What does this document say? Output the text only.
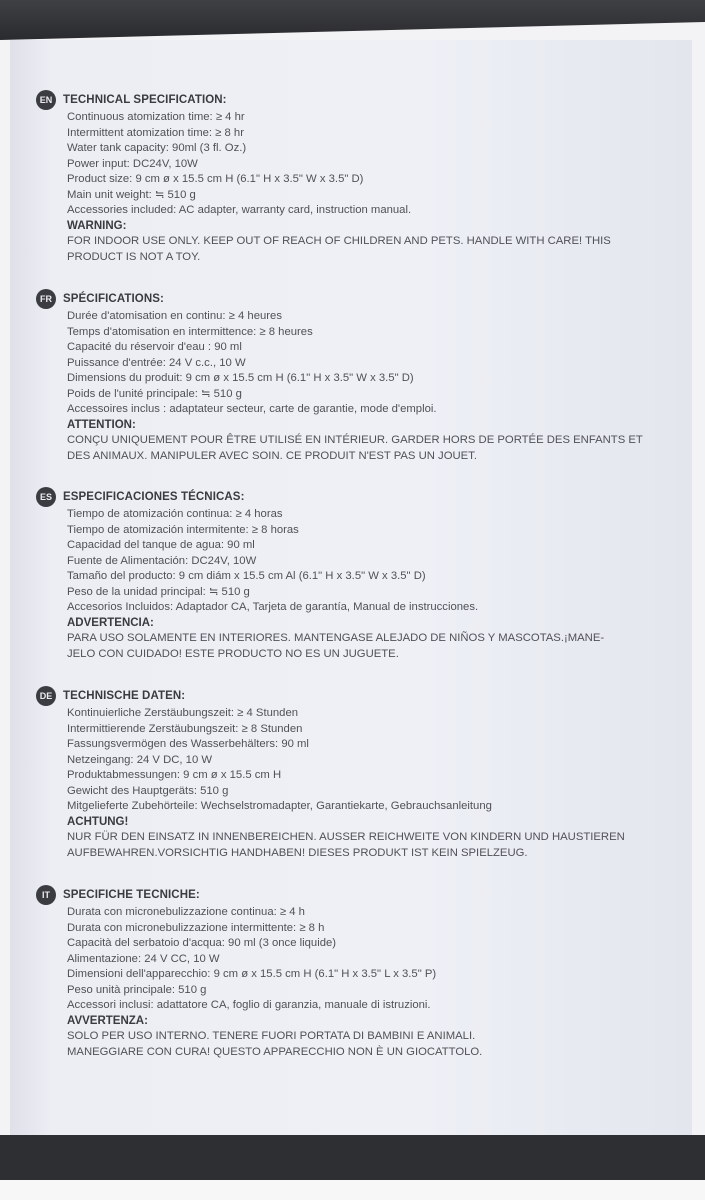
EN TECHNICAL SPECIFICATION:
Continuous atomization time: ≥ 4 hr
Intermittent atomization time: ≥ 8 hr
Water tank capacity: 90ml (3 fl. Oz.)
Power input: DC24V, 10W
Product size: 9 cm ø x 15.5 cm H (6.1" H x 3.5" W x 3.5" D)
Main unit weight: ≒ 510 g
Accessories included: AC adapter, warranty card, instruction manual.
WARNING:
FOR INDOOR USE ONLY. KEEP OUT OF REACH OF CHILDREN AND PETS. HANDLE WITH CARE! THIS
PRODUCT IS NOT A TOY.
FR SPÉCIFICATIONS:
Durée d'atomisation en continu: ≥ 4 heures
Temps d'atomisation en intermittence: ≥ 8 heures
Capacité du réservoir d'eau : 90 ml
Puissance d'entrée: 24 V c.c., 10 W
Dimensions du produit: 9 cm ø x 15.5 cm H (6.1" H x 3.5" W x 3.5" D)
Poids de l'unité principale: ≒ 510 g
Accessoires inclus : adaptateur secteur, carte de garantie, mode d'emploi.
ATTENTION:
CONÇU UNIQUEMENT POUR ÊTRE UTILISÉ EN INTÉRIEUR. GARDER HORS DE PORTÉE DES ENFANTS ET
DES ANIMAUX. MANIPULER AVEC SOIN. CE PRODUIT N'EST PAS UN JOUET.
ES ESPECIFICACIONES TÉCNICAS:
Tiempo de atomización continua: ≥ 4 horas
Tiempo de atomización intermitente: ≥ 8 horas
Capacidad del tanque de agua: 90 ml
Fuente de Alimentación: DC24V, 10W
Tamaño del producto: 9 cm diám x 15.5 cm Al (6.1" H x 3.5" W x 3.5" D)
Peso de la unidad principal: ≒ 510 g
Accesorios Incluidos: Adaptador CA, Tarjeta de garantía, Manual de instrucciones.
ADVERTENCIA:
PARA USO SOLAMENTE EN INTERIORES. MANTENGASE ALEJADO DE NIÑOS Y MASCOTAS.¡MANE-
JELO CON CUIDADO! ESTE PRODUCTO NO ES UN JUGUETE.
DE TECHNISCHE DATEN:
Kontinuierliche Zerstäubungszeit: ≥ 4 Stunden
Intermittierende Zerstäubungszeit: ≥ 8 Stunden
Fassungsvermögen des Wasserbehälters: 90 ml
Netzeingang: 24 V DC, 10 W
Produktabmessungen: 9 cm ø x 15.5 cm H
Gewicht des Hauptgeräts: 510 g
Mitgelieferte Zubehörteile: Wechselstromadapter, Garantiekarte, Gebrauchsanleitung
ACHTUNG!
NUR FÜR DEN EINSATZ IN INNENBEREICHEN. AUSSER REICHWEITE VON KINDERN UND HAUSTIEREN
AUFBEWAHREN.VORSICHTIG HANDHABEN! DIESES PRODUKT IST KEIN SPIELZEUG.
IT	SPECIFICHE TECNICHE:
Durata con micronebulizzazione continua: ≥ 4 h
Durata con micronebulizzazione intermittente: ≥ 8 h
Capacità del serbatoio d'acqua: 90 ml (3 once liquide)
Alimentazione: 24 V CC, 10 W
Dimensioni dell'apparecchio: 9 cm ø x 15.5 cm H (6.1" H x 3.5" L x 3.5" P)
Peso unità principale: 510 g
Accessori inclusi: adattatore CA, foglio di garanzia, manuale di istruzioni.
AVVERTENZA:
SOLO PER USO INTERNO. TENERE FUORI PORTATA DI BAMBINI E ANIMALI.
MANEGGIARE CON CURA! QUESTO APPARECCHIO NON È UN GIOCATTOLO.
